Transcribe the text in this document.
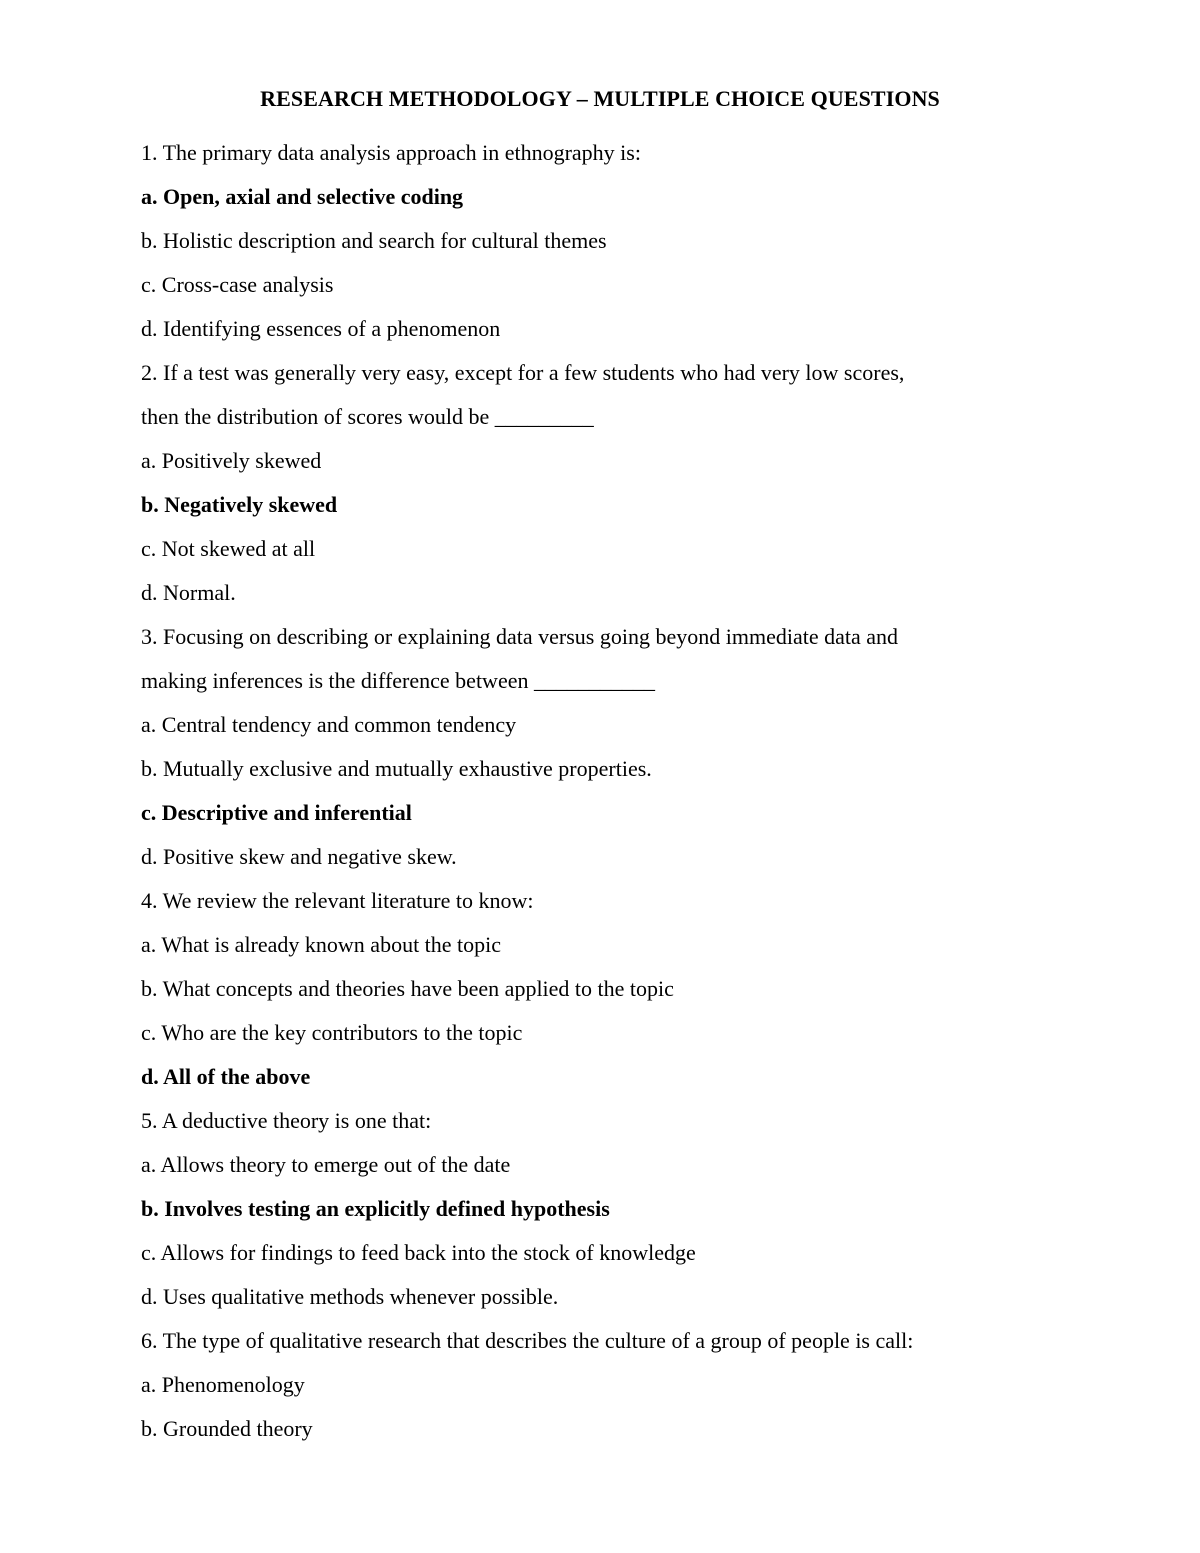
RESEARCH METHODOLOGY – MULTIPLE CHOICE QUESTIONS

1. The primary data analysis approach in ethnography is:

a. Open, axial and selective coding

b. Holistic description and search for cultural themes

c. Cross-case analysis

d. Identifying essences of a phenomenon

2. If a test was generally very easy, except for a few students who had very low scores,

then the distribution of scores would be _________

a. Positively skewed

b. Negatively skewed

c. Not skewed at all

d. Normal.

3. Focusing on describing or explaining data versus going beyond immediate data and

making inferences is the difference between ___________

a. Central tendency and common tendency

b. Mutually exclusive and mutually exhaustive properties.

c. Descriptive and inferential

d. Positive skew and negative skew.

4. We review the relevant literature to know:

a. What is already known about the topic

b. What concepts and theories have been applied to the topic

c. Who are the key contributors to the topic

d. All of the above

5. A deductive theory is one that:

a. Allows theory to emerge out of the date

b. Involves testing an explicitly defined hypothesis

c. Allows for findings to feed back into the stock of knowledge

d. Uses qualitative methods whenever possible.

6. The type of qualitative research that describes the culture of a group of people is call:

a. Phenomenology

b. Grounded theory
